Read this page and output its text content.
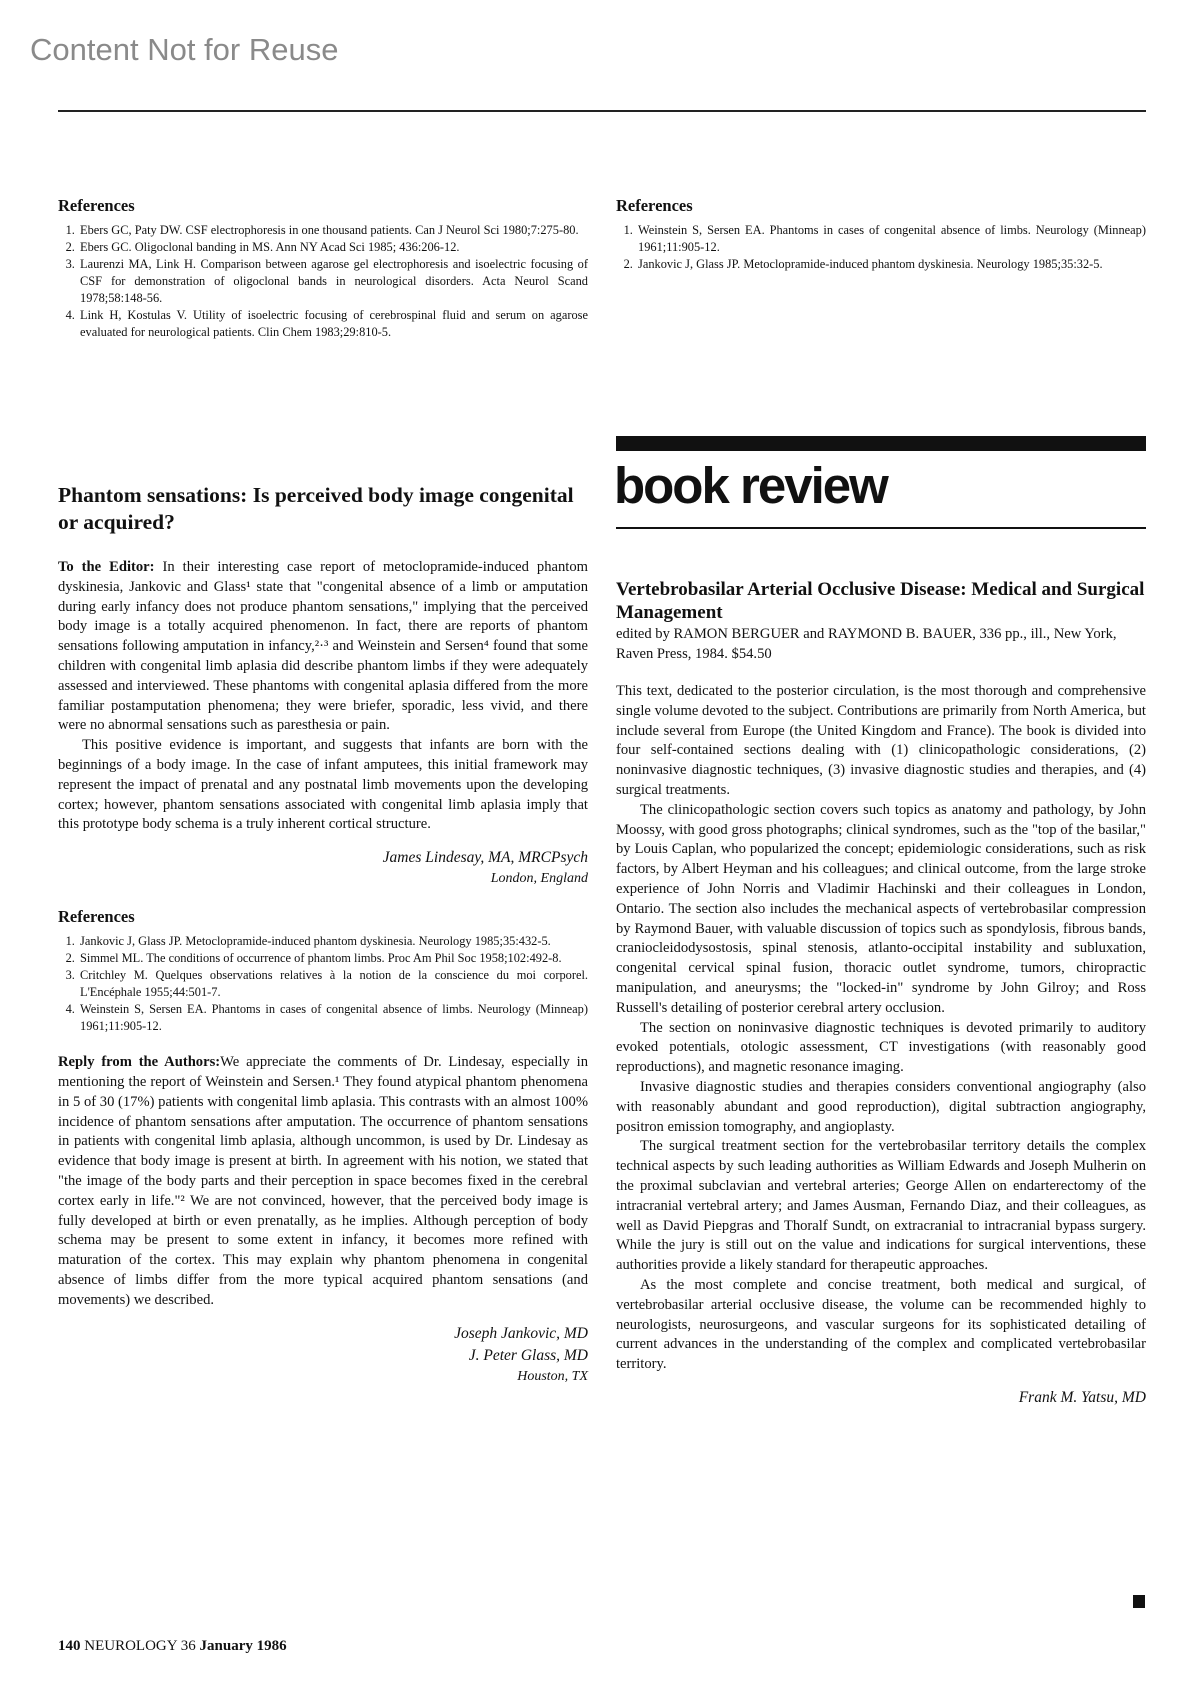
Content Not for Reuse
References
1. Ebers GC, Paty DW. CSF electrophoresis in one thousand patients. Can J Neurol Sci 1980;7:275-80.
2. Ebers GC. Oligoclonal banding in MS. Ann NY Acad Sci 1985; 436:206-12.
3. Laurenzi MA, Link H. Comparison between agarose gel electrophoresis and isoelectric focusing of CSF for demonstration of oligoclonal bands in neurological disorders. Acta Neurol Scand 1978;58:148-56.
4. Link H, Kostulas V. Utility of isoelectric focusing of cerebrospinal fluid and serum on agarose evaluated for neurological patients. Clin Chem 1983;29:810-5.
References
1. Weinstein S, Sersen EA. Phantoms in cases of congenital absence of limbs. Neurology (Minneap) 1961;11:905-12.
2. Jankovic J, Glass JP. Metoclopramide-induced phantom dyskinesia. Neurology 1985;35:32-5.
Phantom sensations: Is perceived body image congenital or acquired?

To the Editor: In their interesting case report of metoclopramide-induced phantom dyskinesia, Jankovic and Glass¹ state that "congenital absence of a limb or amputation during early infancy does not produce phantom sensations," implying that the perceived body image is a totally acquired phenomenon. In fact, there are reports of phantom sensations following amputation in infancy,²·³ and Weinstein and Sersen⁴ found that some children with congenital limb aplasia did describe phantom limbs if they were adequately assessed and interviewed. These phantoms with congenital aplasia differed from the more familiar postamputation phenomena; they were briefer, sporadic, less vivid, and there were no abnormal sensations such as paresthesia or pain.

This positive evidence is important, and suggests that infants are born with the beginnings of a body image. In the case of infant amputees, this initial framework may represent the impact of prenatal and any postnatal limb movements upon the developing cortex; however, phantom sensations associated with congenital limb aplasia imply that this prototype body schema is a truly inherent cortical structure.

James Lindesay, MA, MRCPsych
London, England
References
1. Jankovic J, Glass JP. Metoclopramide-induced phantom dyskinesia. Neurology 1985;35:432-5.
2. Simmel ML. The conditions of occurrence of phantom limbs. Proc Am Phil Soc 1958;102:492-8.
3. Critchley M. Quelques observations relatives à la notion de la conscience du moi corporel. L'Encéphale 1955;44:501-7.
4. Weinstein S, Sersen EA. Phantoms in cases of congenital absence of limbs. Neurology (Minneap) 1961;11:905-12.

Reply from the Authors:We appreciate the comments of Dr. Lindesay, especially in mentioning the report of Weinstein and Sersen.¹ They found atypical phantom phenomena in 5 of 30 (17%) patients with congenital limb aplasia. This contrasts with an almost 100% incidence of phantom sensations after amputation. The occurrence of phantom sensations in patients with congenital limb aplasia, although uncommon, is used by Dr. Lindesay as evidence that body image is present at birth. In agreement with his notion, we stated that "the image of the body parts and their perception in space becomes fixed in the cerebral cortex early in life."² We are not convinced, however, that the perceived body image is fully developed at birth or even prenatally, as he implies. Although perception of body schema may be present to some extent in infancy, it becomes more refined with maturation of the cortex. This may explain why phantom phenomena in congenital absence of limbs differ from the more typical acquired phantom sensations (and movements) we described.

Joseph Jankovic, MD
J. Peter Glass, MD
Houston, TX
book review
Vertebrobasilar Arterial Occlusive Disease: Medical and Surgical Management
edited by RAMON BERGUER and RAYMOND B. BAUER, 336 pp., ill., New York, Raven Press, 1984. $54.50

This text, dedicated to the posterior circulation, is the most thorough and comprehensive single volume devoted to the subject. Contributions are primarily from North America, but include several from Europe (the United Kingdom and France). The book is divided into four self-contained sections dealing with (1) clinicopathologic considerations, (2) noninvasive diagnostic techniques, (3) invasive diagnostic studies and therapies, and (4) surgical treatments.

The clinicopathologic section covers such topics as anatomy and pathology, by John Moossy, with good gross photographs; clinical syndromes, such as the "top of the basilar," by Louis Caplan, who popularized the concept; epidemiologic considerations, such as risk factors, by Albert Heyman and his colleagues; and clinical outcome, from the large stroke experience of John Norris and Vladimir Hachinski and their colleagues in London, Ontario. The section also includes the mechanical aspects of vertebrobasilar compression by Raymond Bauer, with valuable discussion of topics such as spondylosis, fibrous bands, craniocleidodysostosis, spinal stenosis, atlanto-occipital instability and subluxation, congenital cervical spinal fusion, thoracic outlet syndrome, tumors, chiropractic manipulation, and aneurysms; the "locked-in" syndrome by John Gilroy; and Ross Russell's detailing of posterior cerebral artery occlusion.

The section on noninvasive diagnostic techniques is devoted primarily to auditory evoked potentials, otologic assessment, CT investigations (with reasonably good reproductions), and magnetic resonance imaging.

Invasive diagnostic studies and therapies considers conventional angiography (also with reasonably abundant and good reproduction), digital subtraction angiography, positron emission tomography, and angioplasty.

The surgical treatment section for the vertebrobasilar territory details the complex technical aspects by such leading authorities as William Edwards and Joseph Mulherin on the proximal subclavian and vertebral arteries; George Allen on endarterectomy of the intracranial vertebral artery; and James Ausman, Fernando Diaz, and their colleagues, as well as David Piepgras and Thoralf Sundt, on extracranial to intracranial bypass surgery. While the jury is still out on the value and indications for surgical interventions, these authorities provide a likely standard for therapeutic approaches.

As the most complete and concise treatment, both medical and surgical, of vertebrobasilar arterial occlusive disease, the volume can be recommended highly to neurologists, neurosurgeons, and vascular surgeons for its sophisticated detailing of current advances in the understanding of the complex and complicated vertebrobasilar territory.

Frank M. Yatsu, MD
140 NEUROLOGY 36 January 1986
